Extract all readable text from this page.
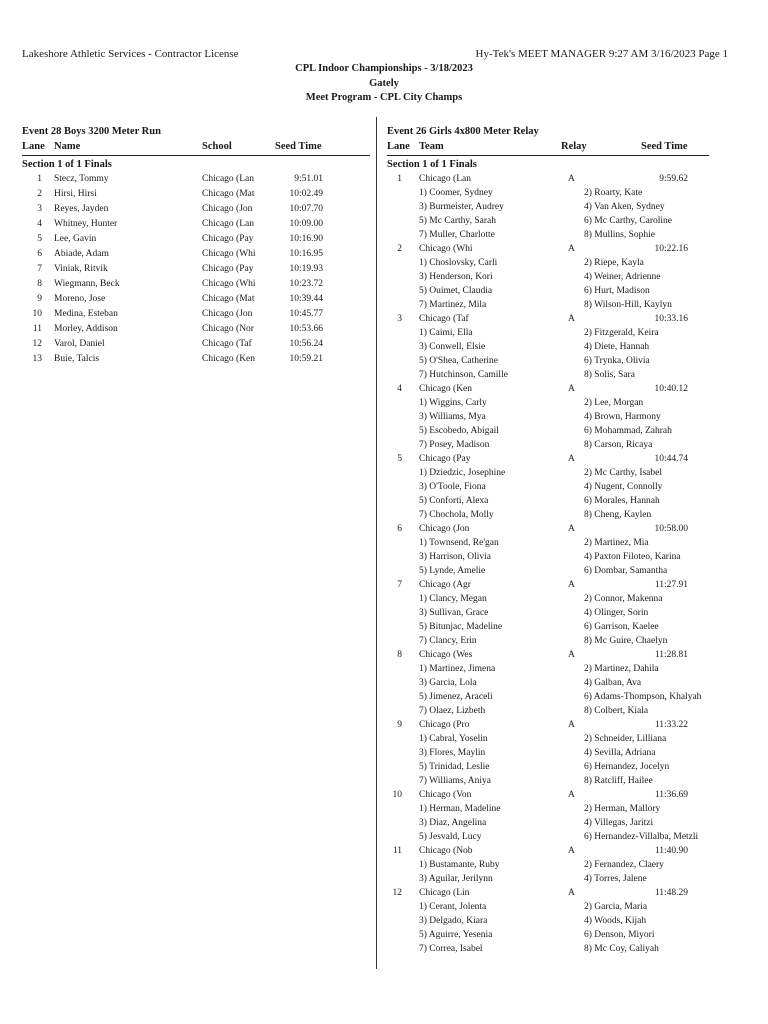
Lakeshore Athletic Services - Contractor License	Hy-Tek's MEET MANAGER 9:27 AM 3/16/2023 Page 1
CPL Indoor Championships - 3/18/2023
Gately
Meet Program - CPL City Champs
Event 28 Boys 3200 Meter Run
Lane Name	School	Seed Time
Section 1 of 1 Finals
1 Stecz, Tommy	Chicago (Lan	9:51.01
2 Hirsi, Hirsi	Chicago (Mat	10:02.49
3 Reyes, Jayden	Chicago (Jon	10:07.70
4 Whitney, Hunter	Chicago (Lan	10:09.00
5 Lee, Gavin	Chicago (Pay	10:16.90
6 Abiade, Adam	Chicago (Whi	10:16.95
7 Viniak, Ritvik	Chicago (Pay	10:19.93
8 Wiegmann, Beck	Chicago (Whi	10:23.72
9 Moreno, Jose	Chicago (Mat	10:39.44
10 Medina, Esteban	Chicago (Jon	10:45.77
11 Morley, Addison	Chicago (Nor	10:53.66
12 Varol, Daniel	Chicago (Taf	10:56.24
13 Buie, Talcis	Chicago (Ken	10:59.21
Event 26 Girls 4x800 Meter Relay
Lane Team	Relay	Seed Time
Section 1 of 1 Finals
1 Chicago (Lan	A	9:59.62
1) Coomer, Sydney	2) Roarty, Kate
3) Burmeister, Audrey	4) Van Aken, Sydney
5) Mc Carthy, Sarah	6) Mc Carthy, Caroline
7) Muller, Charlotte	8) Mullins, Sophie
2 Chicago (Whi	A	10:22.16
1) Choslovsky, Carli	2) Riepe, Kayla
3) Henderson, Kori	4) Weiner, Adrienne
5) Ouimet, Claudia	6) Hurt, Madison
7) Martinez, Mila	8) Wilson-Hill, Kaylyn
3 Chicago (Taf	A	10:33.16
1) Caimi, Ella	2) Fitzgerald, Keira
3) Conwell, Elsie	4) Diete, Hannah
5) O'Shea, Catherine	6) Trynka, Olivia
7) Hutchinson, Camille	8) Solis, Sara
4 Chicago (Ken	A	10:40.12
1) Wiggins, Carly	2) Lee, Morgan
3) Williams, Mya	4) Brown, Harmony
5) Escobedo, Abigail	6) Mohammad, Zahrah
7) Posey, Madison	8) Carson, Ricaya
5 Chicago (Pay	A	10:44.74
1) Dziedzic, Josephine	2) Mc Carthy, Isabel
3) O'Toole, Fiona	4) Nugent, Connolly
5) Conforti, Alexa	6) Morales, Hannah
7) Chochola, Molly	8) Cheng, Kaylen
6 Chicago (Jon	A	10:58.00
1) Townsend, Re'gan	2) Martinez, Mia
3) Harrison, Olivia	4) Paxton Filoteo, Karina
5) Lynde, Amelie	6) Dombar, Samantha
7 Chicago (Agr	A	11:27.91
1) Clancy, Megan	2) Connor, Makenna
3) Sullivan, Grace	4) Olinger, Sorin
5) Bitunjac, Madeline	6) Garrison, Kaelee
7) Clancy, Erin	8) Mc Guire, Chaelyn
8 Chicago (Wes	A	11:28.81
1) Martinez, Jimena	2) Martinez, Dahila
3) Garcia, Lola	4) Galban, Ava
5) Jimenez, Araceli	6) Adams-Thompson, Khalyah
7) Olaez, Lizbeth	8) Colbert, Kiala
9 Chicago (Pro	A	11:33.22
1) Cabral, Yoselin	2) Schneider, Lilliana
3) Flores, Maylin	4) Sevilla, Adriana
5) Trinidad, Leslie	6) Hernandez, Jocelyn
7) Williams, Aniya	8) Ratcliff, Hailee
10 Chicago (Von	A	11:36.69
1) Herman, Madeline	2) Herman, Mallory
3) Diaz, Angelina	4) Villegas, Jaritzi
5) Jesvald, Lucy	6) Hernandez-Villalba, Metzli
11 Chicago (Nob	A	11:40.90
1) Bustamante, Ruby	2) Fernandez, Claery
3) Aguilar, Jerilynn	4) Torres, Jalene
12 Chicago (Lin	A	11:48.29
1) Cerant, Jolenta	2) Garcia, Maria
3) Delgado, Kiara	4) Woods, Kijah
5) Aguirre, Yesenia	6) Denson, Miyori
7) Correa, Isabel	8) Mc Coy, Caliyah
